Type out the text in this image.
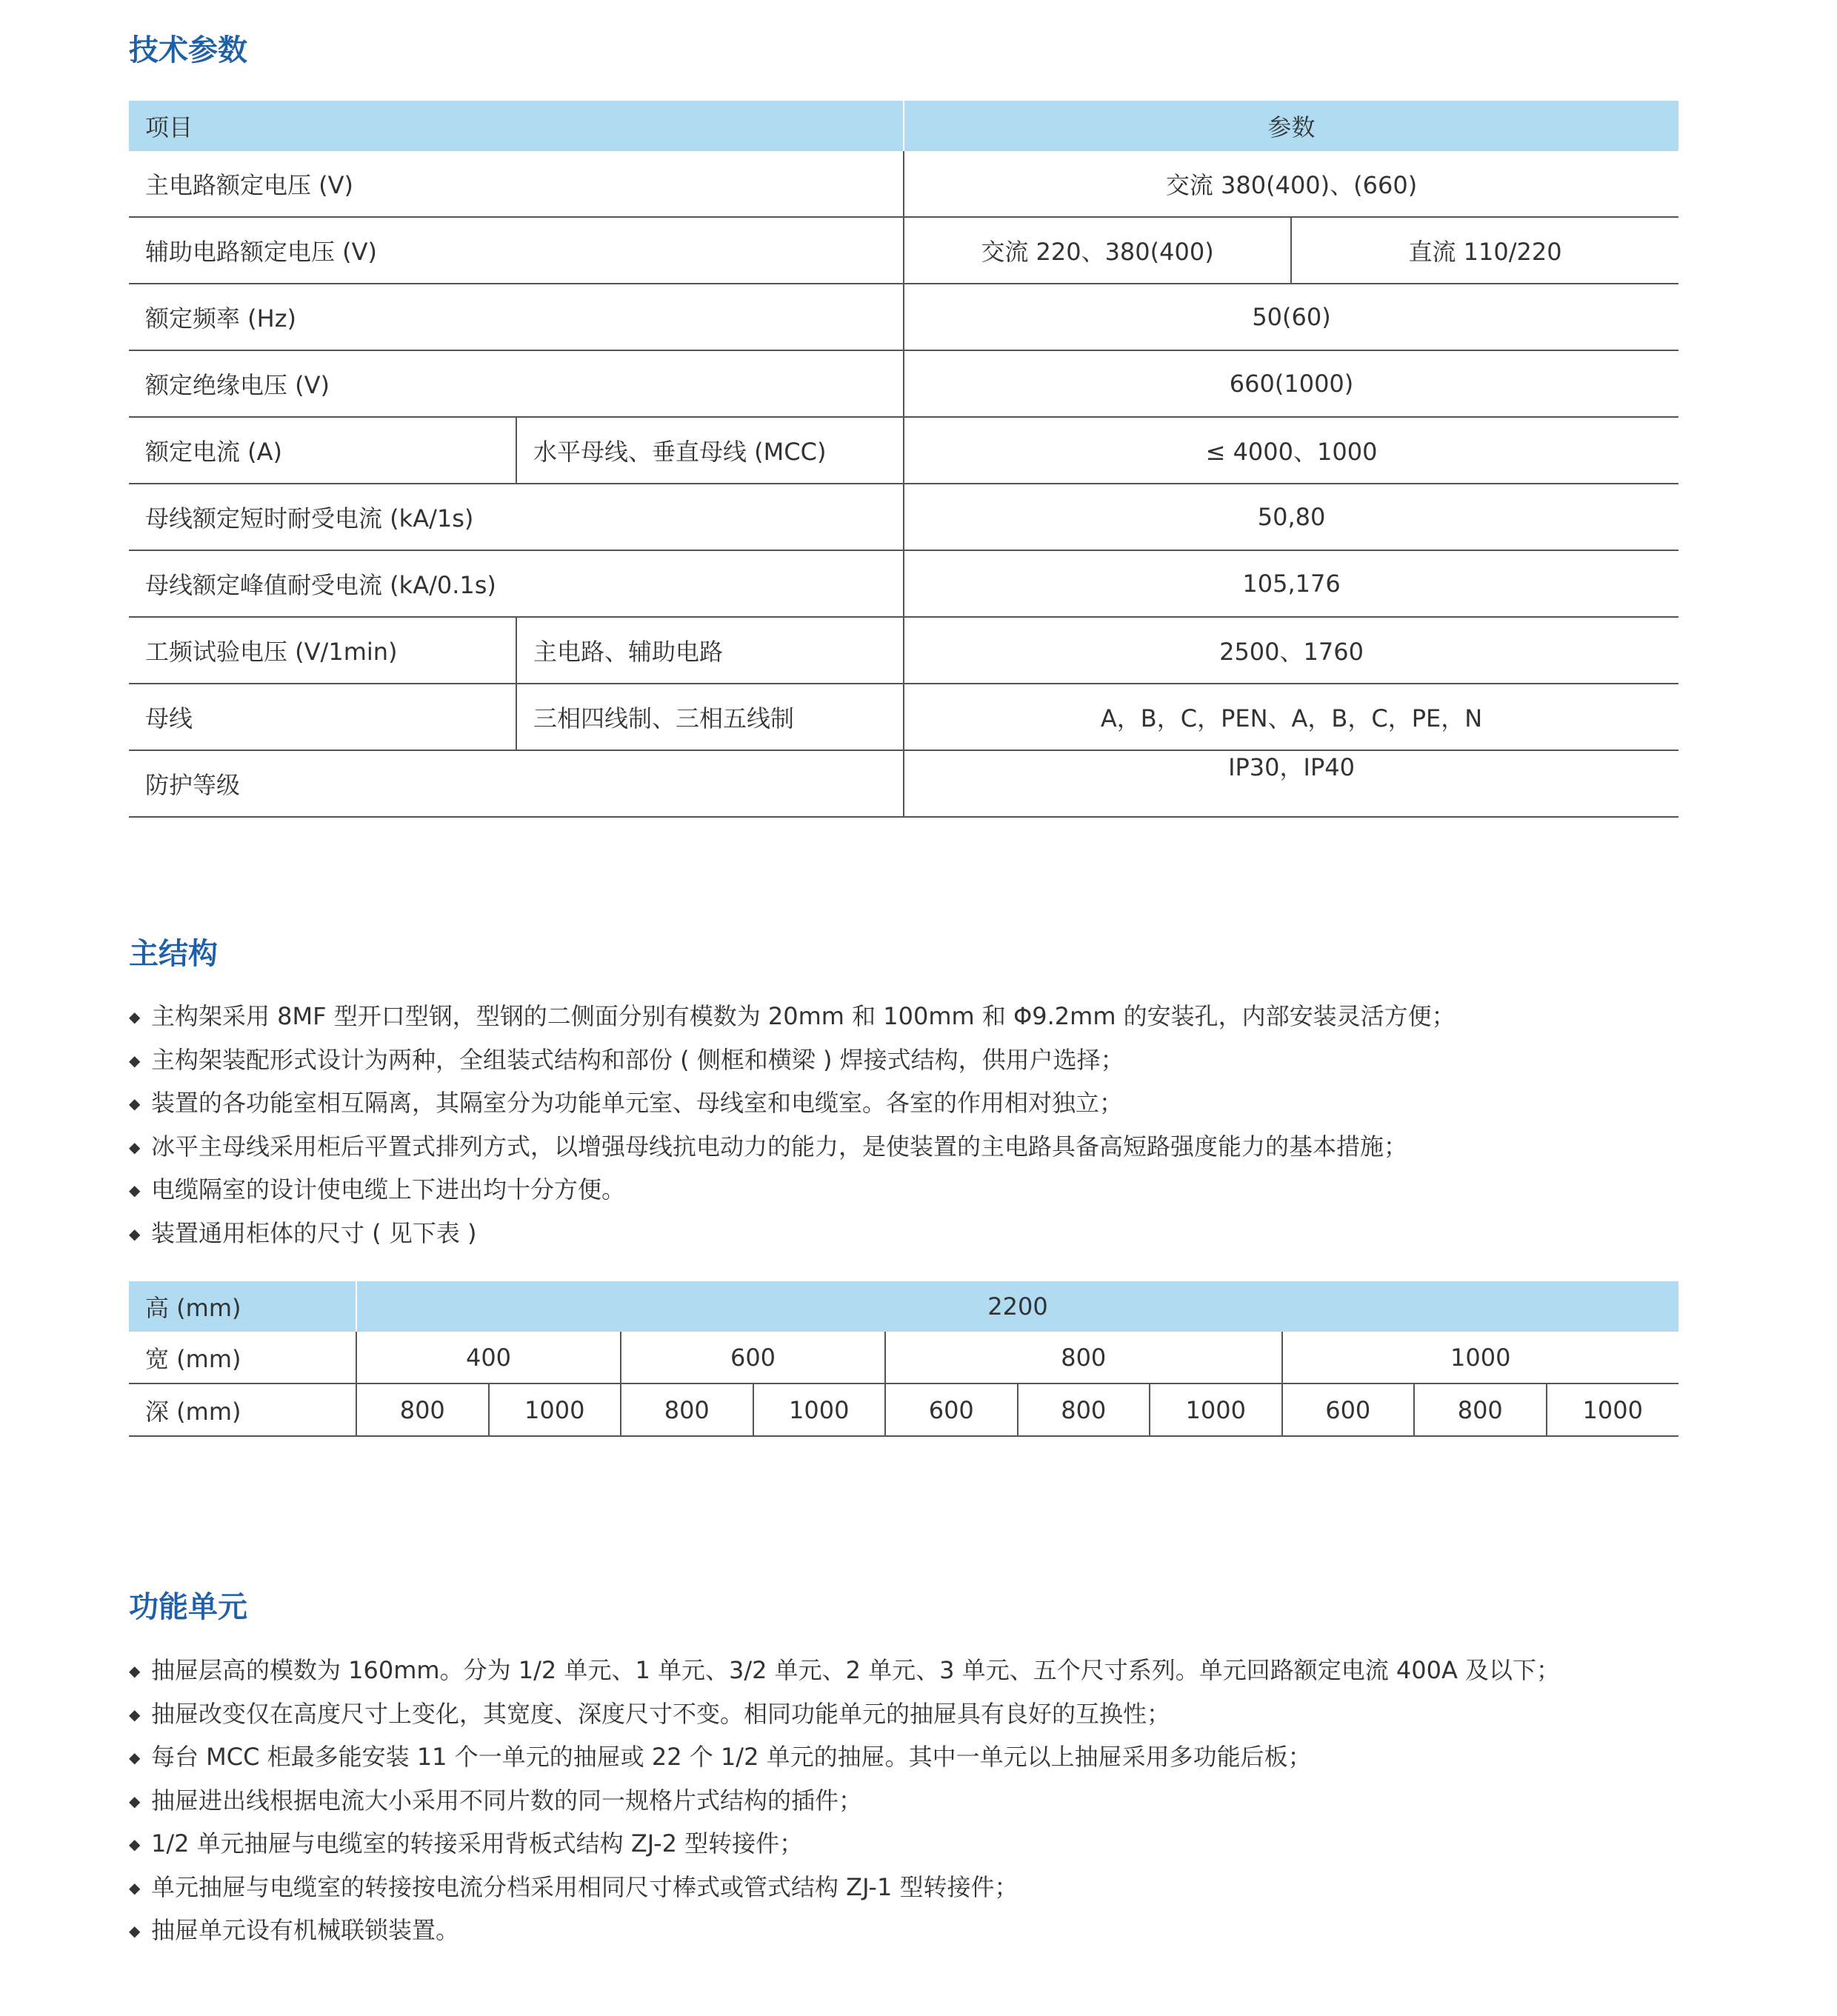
技术参数
项目		参数	
主电路额定电压 (V)		交流 380(400)、(660)	
辅助电路额定电压 (V)		交流 220、380(400)	直流 110/220
额定频率 (Hz)		50(60)	
额定绝缘电压 (V)		660(1000)	
额定电流 (A)	水平母线、垂直母线 (MCC)	≤ 4000、1000	
母线额定短时耐受电流 (kA/1s)		50,80	
母线额定峰值耐受电流 (kA/0.1s)		105,176	
工频试验电压 (V/1min)	主电路、辅助电路	2500、1760	
母线	三相四线制、三相五线制	A，B，C，PEN、A，B，C，PE，N	
防护等级		IP30，IP40	
主结构
◆ 主构架采用 8MF 型开口型钢，型钢的二侧面分别有模数为 20mm 和 100mm 和 Φ9.2mm 的安装孔，内部安装灵活方便；
◆ 主构架装配形式设计为两种，全组装式结构和部份 ( 侧框和横梁 ) 焊接式结构，供用户选择；
◆ 装置的各功能室相互隔离，其隔室分为功能单元室、母线室和电缆室。各室的作用相对独立；
◆ 冰平主母线采用柜后平置式排列方式，以增强母线抗电动力的能力，是使装置的主电路具备高短路强度能力的基本措施；
◆ 电缆隔室的设计使电缆上下进出均十分方便。
◆ 装置通用柜体的尺寸 ( 见下表 )
高 (mm)	2200									
宽 (mm)	400		600		800			1000		
深 (mm)	800	1000	800	1000	600	800	1000	600	800	1000
功能单元
◆ 抽屉层高的模数为 160mm。分为 1/2 单元、1 单元、3/2 单元、2 单元、3 单元、五个尺寸系列。单元回路额定电流 400A 及以下；
◆ 抽屉改变仅在高度尺寸上变化，其宽度、深度尺寸不变。相同功能单元的抽屉具有良好的互换性；
◆ 每台 MCC 柜最多能安装 11 个一单元的抽屉或 22 个 1/2 单元的抽屉。其中一单元以上抽屉采用多功能后板；
◆ 抽屉进出线根据电流大小采用不同片数的同一规格片式结构的插件；
◆ 1/2 单元抽屉与电缆室的转接采用背板式结构 ZJ-2 型转接件；
◆ 单元抽屉与电缆室的转接按电流分档采用相同尺寸棒式或管式结构 ZJ-1 型转接件；
◆ 抽屉单元设有机械联锁装置。
